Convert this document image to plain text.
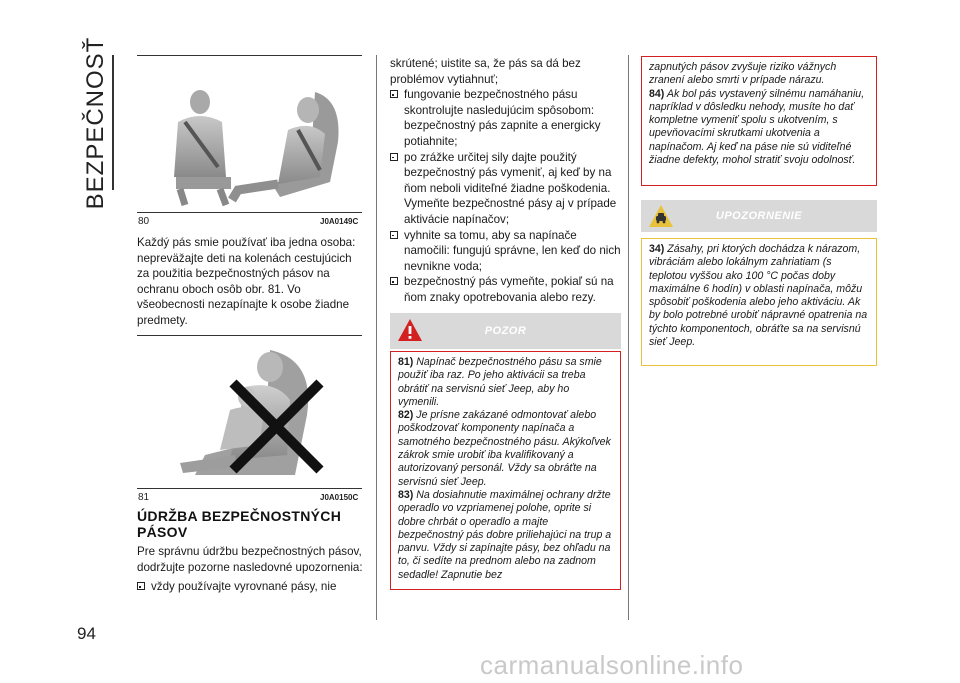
BEZPEČNOSŤ
94
80	J0A0149C

Každý pás smie používať iba jedna osoba: nepreväžajte deti na kolenách cestujúcich za použitia bezpečnostných pásov na ochranu oboch osôb obr. 81. Vo všeobecnosti nezapínajte k osobe žiadne predmety.

81	J0A0150C
ÚDRŽBA BEZPEČNOSTNÝCH PÁSOV

Pre správnu údržbu bezpečnostných pásov, dodržujte pozorne nasledovné upozornenia:

vždy používajte vyrovnané pásy, nie

skrútené; uistite sa, že pás sa dá bez problémov vytiahnuť;

fungovanie bezpečnostného pásu skontrolujte nasledujúcim spôsobom: bezpečnostný pás zapnite a energicky potiahnite;

po zrážke určitej sily dajte použitý bezpečnostný pás vymeniť, aj keď by na ňom neboli viditeľné žiadne poškodenia. Vymeňte bezpečnostné pásy aj v prípade aktivácie napínačov;

vyhnite sa tomu, aby sa napínače namočili: fungujú správne, len keď do nich nevnikne voda;

bezpečnostný pás vymeňte, pokiaľ sú na ňom znaky opotrebovania alebo rezy.

POZOR

81) Napínač bezpečnostného pásu sa smie použiť iba raz. Po jeho aktivácii sa treba obrátiť na servisnú sieť Jeep, aby ho vymenili.

82) Je prísne zakázané odmontovať alebo poškodzovať komponenty napínača a samotného bezpečnostného pásu. Akýkoľvek zákrok smie urobiť iba kvalifikovaný a autorizovaný personál. Vždy sa obráťte na servisnú sieť Jeep.

83) Na dosiahnutie maximálnej ochrany držte operadlo vo vzpriamenej polohe, oprite si dobre chrbát o operadlo a majte bezpečnostný pás dobre priliehajúci na trup a panvu. Vždy si zapínajte pásy, bez ohľadu na to, či sedíte na prednom alebo na zadnom sedadle! Zapnutie bez

zapnutých pásov zvyšuje riziko vážnych zranení alebo smrti v prípade nárazu.

84) Ak bol pás vystavený silnému namáhaniu, napríklad v dôsledku nehody, musíte ho dať kompletne vymeniť spolu s ukotvením, s upevňovacími skrutkami ukotvenia a napínačom. Aj keď na páse nie sú viditeľné žiadne defekty, mohol stratiť svoju odolnosť.

UPOZORNENIE

34) Zásahy, pri ktorých dochádza k nárazom, vibráciám alebo lokálnym zahriatiam (s teplotou vyššou ako 100 °C počas doby maximálne 6 hodín) v oblasti napínača, môžu spôsobiť poškodenia alebo jeho aktiváciu. Ak by bolo potrebné urobiť nápravné opatrenia na týchto komponentoch, obráťte sa na servisnú sieť Jeep.

carmanualsonline.info
